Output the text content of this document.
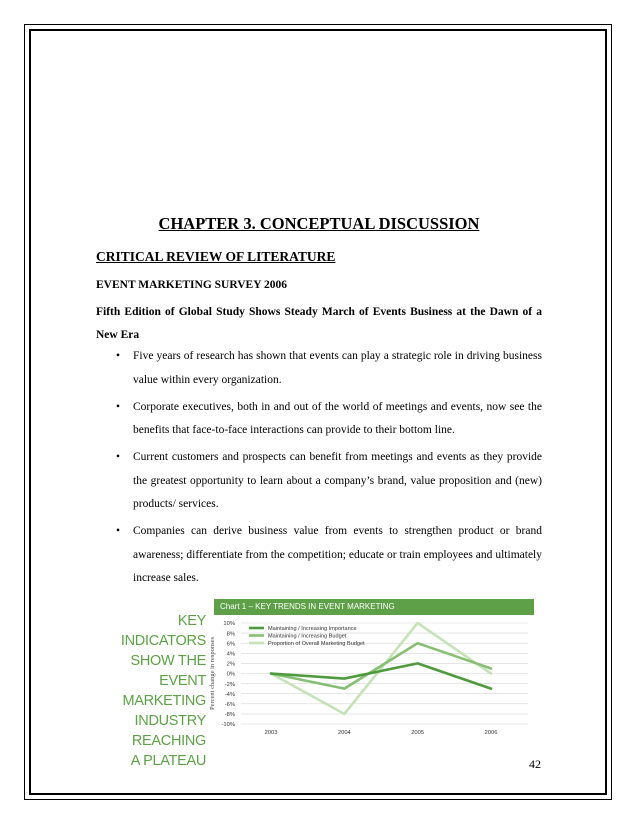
CHAPTER 3. CONCEPTUAL DISCUSSION
CRITICAL REVIEW OF LITERATURE
EVENT MARKETING SURVEY 2006
Fifth Edition of Global Study Shows Steady March of Events Business at the Dawn of a New Era
• Five years of research has shown that events can play a strategic role in driving business value within every organization.
• Corporate executives, both in and out of the world of meetings and events, now see the benefits that face-to-face interactions can provide to their bottom line.
• Current customers and prospects can benefit from meetings and events as they provide the greatest opportunity to learn about a company’s brand, value proposition and (new) products/ services.
• Companies can derive business value from events to strengthen product or brand awareness; differentiate from the competition; educate or train employees and ultimately increase sales.
KEY INDICATORS
SHOW THE EVENT
MARKETING
INDUSTRY REACHING
A PLATEAU
Chart 1 – KEY TRENDS IN EVENT MARKETING
Percent change in responses
10%
8%
6%
4%
2%
0%
-2%
-4%
-6%
-8%
-10%
2003	2004	2005	2006
Maintaining / Increasing Importance
Maintaining / Increasing Budget
Proportion of Overall Marketing Budget
42
